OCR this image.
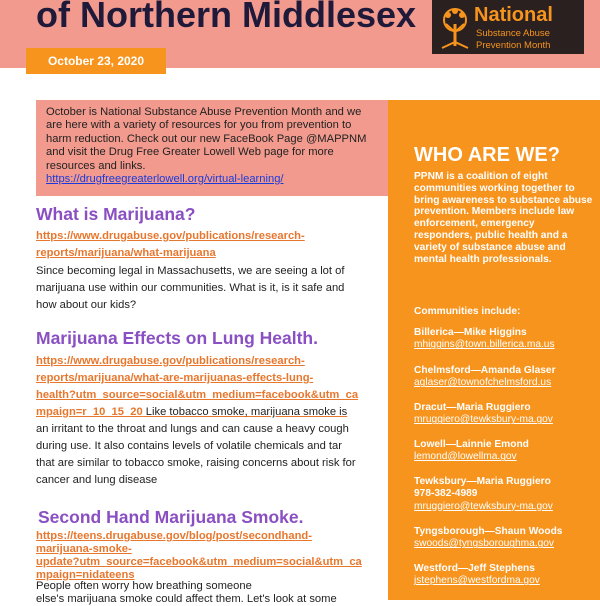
of Northern Middlesex	National
Substance Abuse
Prevention Month
October 23, 2020
October is National Substance Abuse Prevention Month and we are here with a variety of resources for you from prevention to harm reduction. Check out our new FaceBook Page @MAPPNM and visit the Drug Free Greater Lowell Web page for more resources and links.
https://drugfreegreaterlowell.org/virtual-learning/
What is Marijuana?
https://www.drugabuse.gov/publications/research-
reports/marijuana/what-marijuana
Since becoming legal in Massachusetts, we are seeing a lot of
marijuana use within our communities. What is it, is it safe and
how about our kids?
Marijuana Effects on Lung Health.
https://www.drugabuse.gov/publications/research-
reports/marijuana/what-are-marijuanas-effects-lung-
health?utm_source=social&utm_medium=facebook&utm_ca
mpaign=r_10_15_20 Like tobacco smoke, marijuana smoke is
an irritant to the throat and lungs and can cause a heavy cough
during use. It also contains levels of volatile chemicals and tar
that are similar to tobacco smoke, raising concerns about risk for
cancer and lung disease
Second Hand Marijuana Smoke.
https://teens.drugabuse.gov/blog/post/secondhand-
marijuana-smoke-
update?utm_source=facebook&utm_medium=social&utm_ca
mpaign=nidateens
People often worry how breathing someone
else's marijuana smoke could affect them. Let's look at some
WHO ARE WE?
PPNM is a coalition of eight communities working together to bring awareness to substance abuse prevention. Members include law enforcement, emergency responders, public health and a variety of substance abuse and mental health professionals.
Communities include:
Billerica—Mike Higgins
mhiggins@town.billerica.ma.us
Chelmsford—Amanda Glaser
aglaser@townofchelmsford.us
Dracut—Maria Ruggiero
mruggiero@tewksbury-ma.gov
Lowell—Lainnie Emond
lemond@lowellma.gov
Tewksbury—Maria Ruggiero
978-382-4989
mruggiero@tewksbury-ma.gov
Tyngsborough—Shaun Woods
swoods@tyngsboroughma.gov
Westford—Jeff Stephens
jstephens@westfordma.gov
